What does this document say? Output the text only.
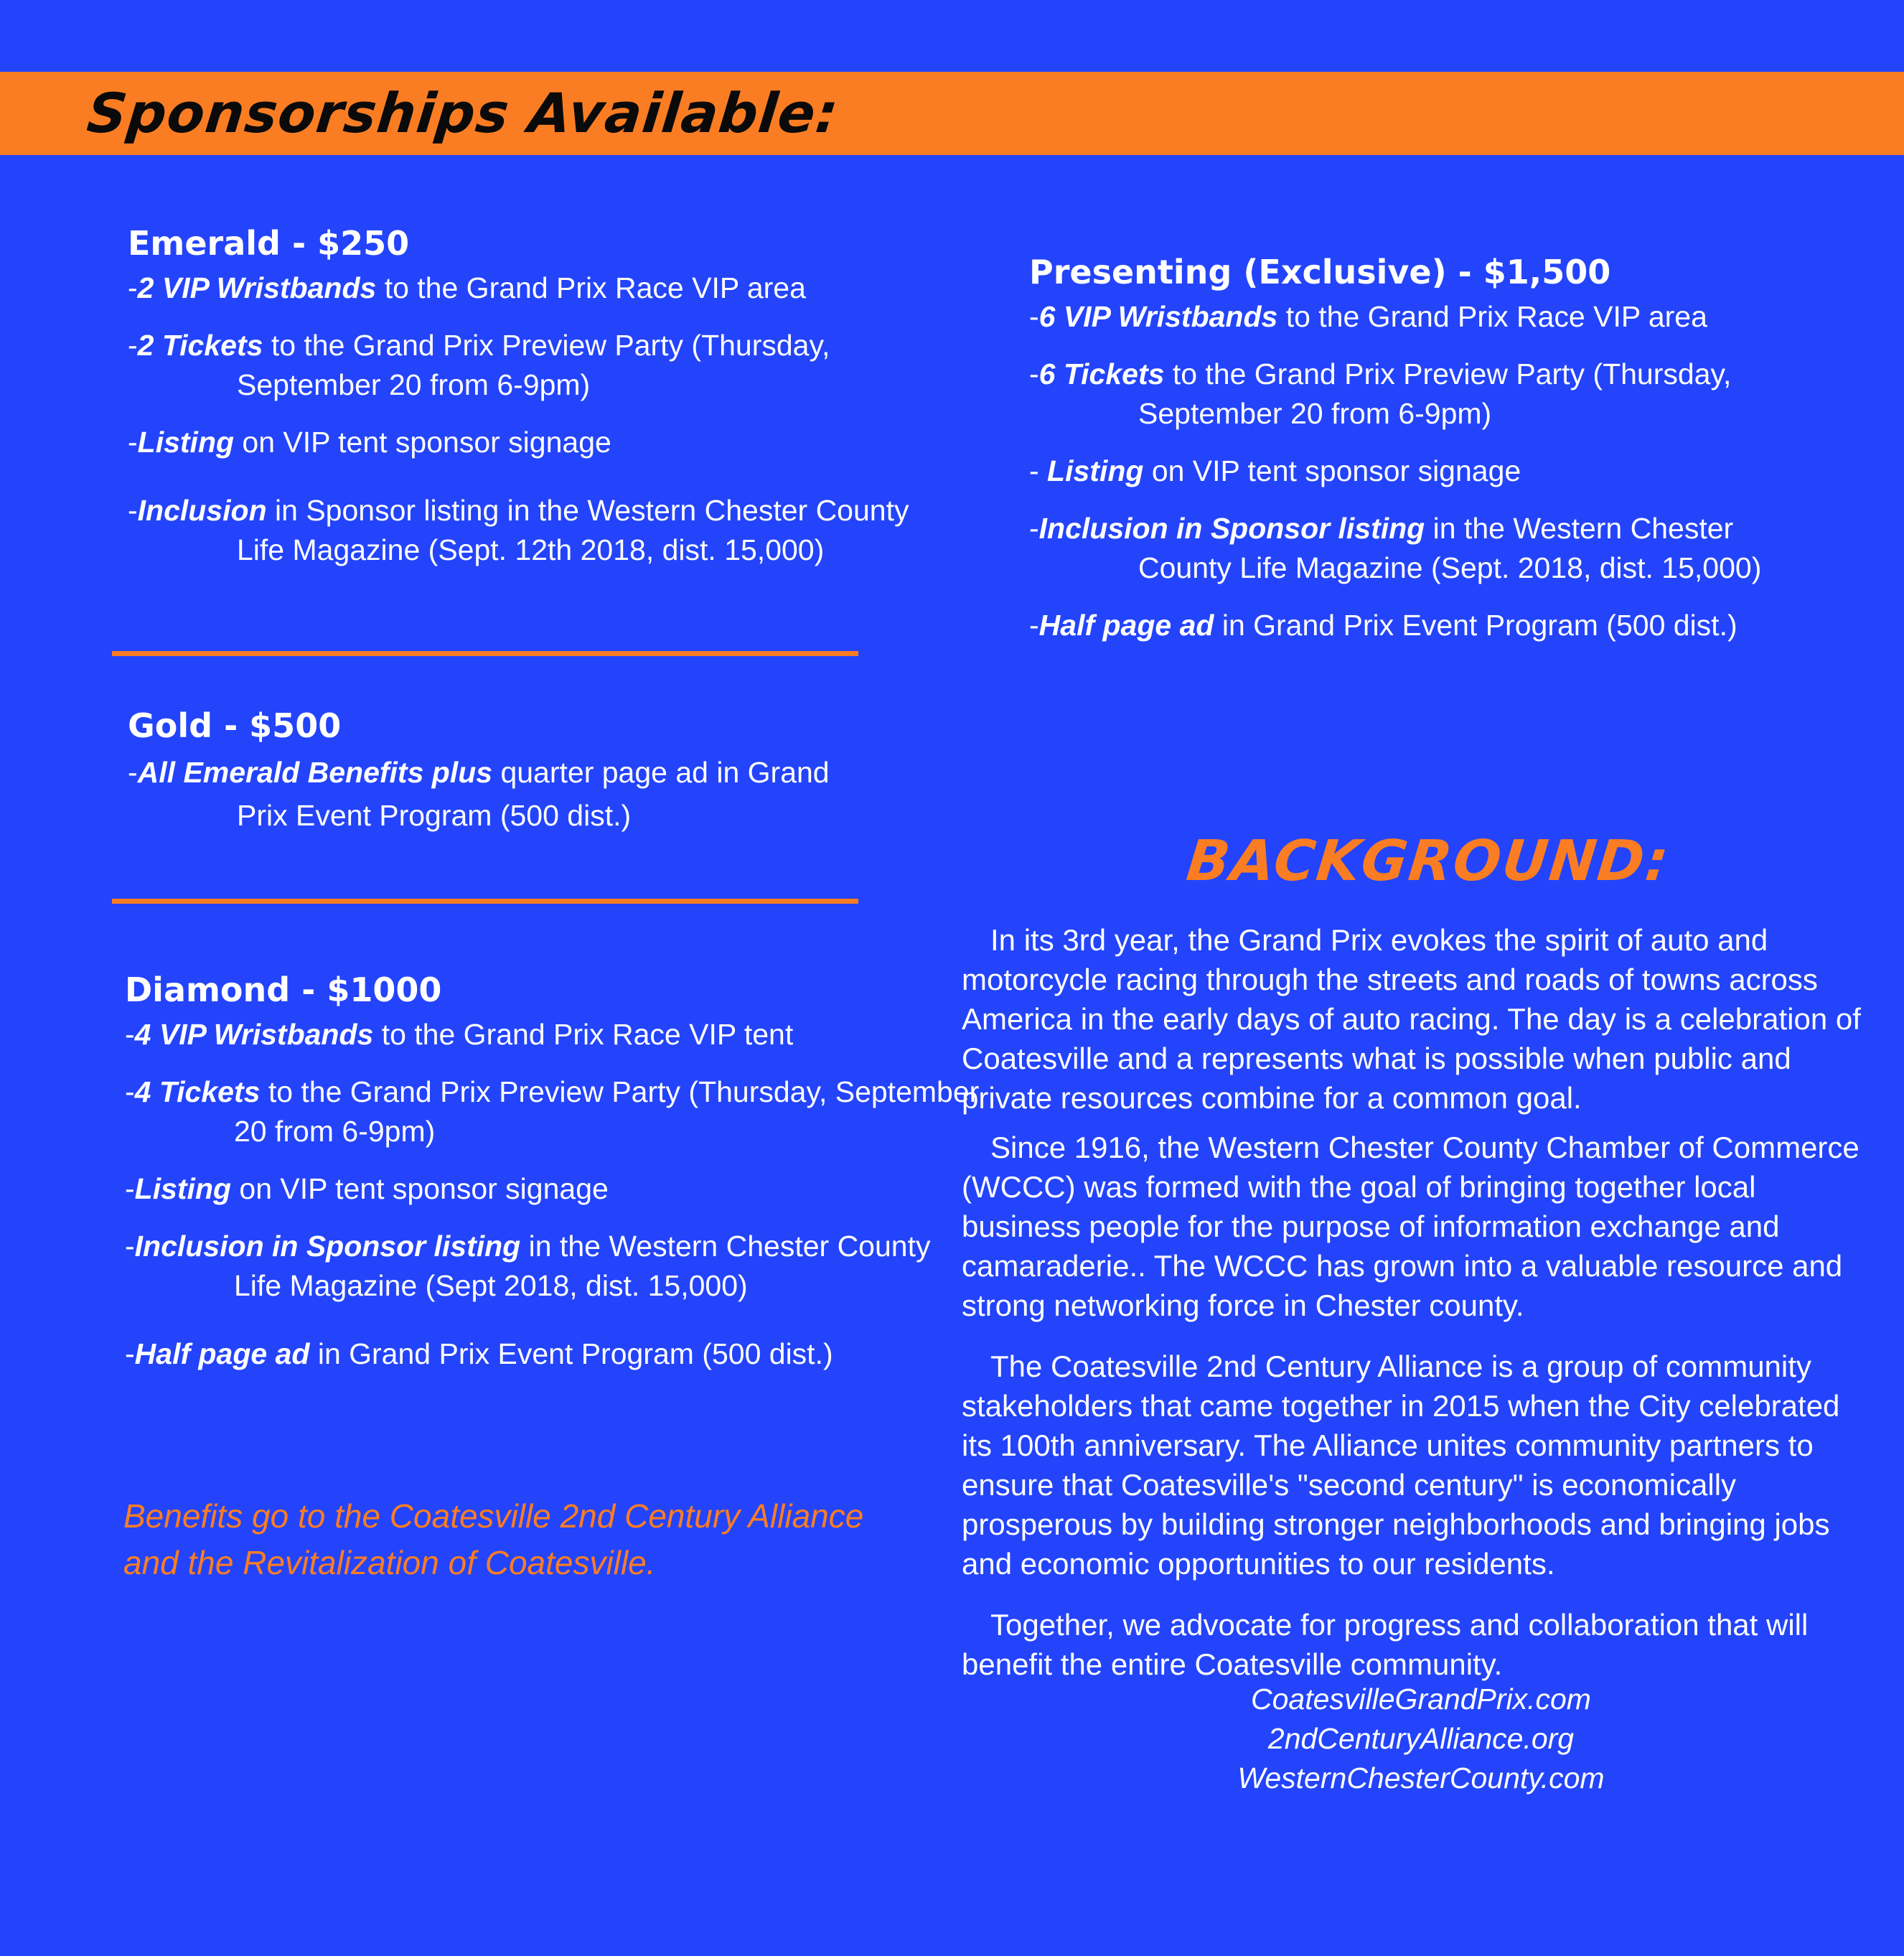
Sponsorships Available:
Emerald - $250

-2 VIP Wristbands to the Grand Prix Race VIP area

-2 Tickets to the Grand Prix Preview Party (Thursday, September 20 from 6-9pm)

-Listing on VIP tent sponsor signage

-Inclusion in Sponsor listing in the Western Chester County Life Magazine (Sept. 12th 2018, dist. 15,000)

Gold - $500

-All Emerald Benefits plus quarter page ad in Grand Prix Event Program (500 dist.)

Diamond - $1000

-4 VIP Wristbands to the Grand Prix Race VIP tent

-4 Tickets to the Grand Prix Preview Party (Thursday, September 20 from 6-9pm)

-Listing on VIP tent sponsor signage

-Inclusion in Sponsor listing in the Western Chester County Life Magazine (Sept 2018, dist. 15,000)

-Half page ad in Grand Prix Event Program (500 dist.)

Benefits go to the Coatesville 2nd Century Alliance and the Revitalization of Coatesville.

Presenting (Exclusive) - $1,500

-6 VIP Wristbands to the Grand Prix Race VIP area

-6 Tickets to the Grand Prix Preview Party (Thursday, September 20 from 6-9pm)

- Listing on VIP tent sponsor signage

-Inclusion in Sponsor listing in the Western Chester County Life Magazine (Sept. 2018, dist. 15,000)

-Half page ad in Grand Prix Event Program (500 dist.)

BACKGROUND:

In its 3rd year, the Grand Prix evokes the spirit of auto and motorcycle racing through the streets and roads of towns across America in the early days of auto racing. The day is a celebration of Coatesville and a represents what is possible when public and private resources combine for a common goal.

Since 1916, the Western Chester County Chamber of Commerce (WCCC) was formed with the goal of bringing together local business people for the purpose of information exchange and camaraderie.. The WCCC has grown into a valuable resource and strong networking force in Chester county.

The Coatesville 2nd Century Alliance is a group of community stakeholders that came together in 2015 when the City celebrated its 100th anniversary. The Alliance unites community partners to ensure that Coatesville's "second century" is economically prosperous by building stronger neighborhoods and bringing jobs and economic opportunities to our residents.

Together, we advocate for progress and collaboration that will benefit the entire Coatesville community.

CoatesvilleGrandPrix.com
2ndCenturyAlliance.org
WesternChesterCounty.com
